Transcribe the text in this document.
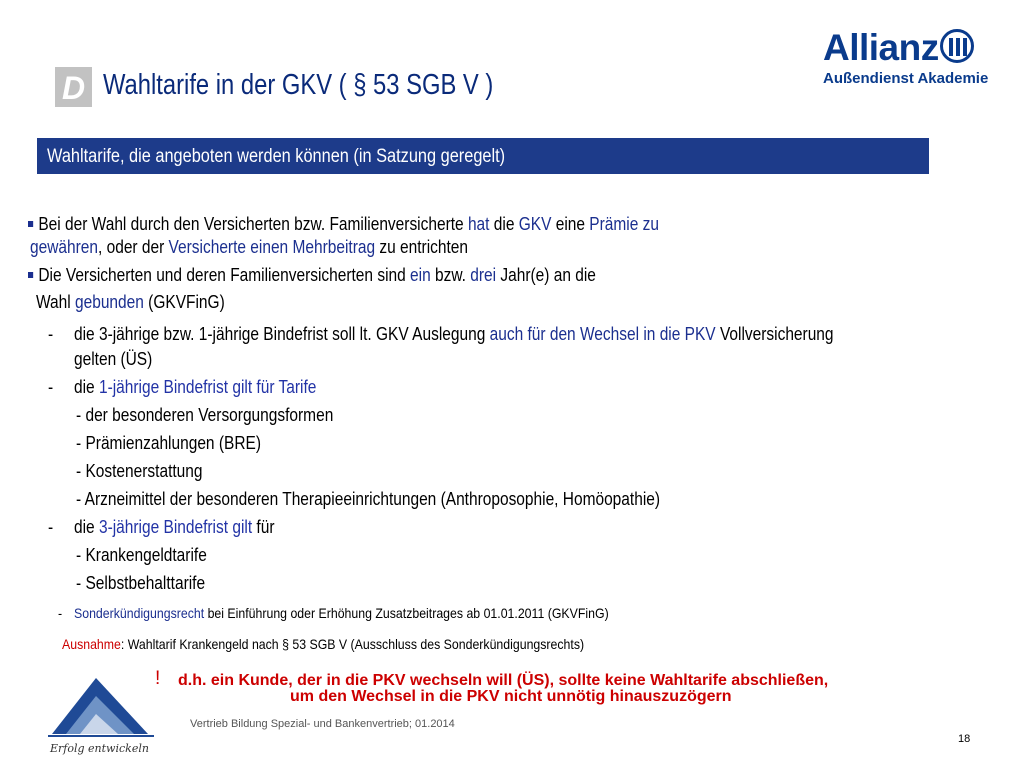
D Wahltarife in der GKV ( § 53 SGB V )
Allianz
Außendienst Akademie
Wahltarife, die angeboten werden können (in Satzung geregelt)
Bei der Wahl durch den Versicherten bzw. Familienversicherte hat die GKV eine Prämie zu
gewähren, oder der Versicherte einen Mehrbeitrag zu entrichten
Die Versicherten und deren Familienversicherten sind ein bzw. drei Jahr(e) an die
Wahl gebunden (GKVFinG)
- die 3-jährige bzw. 1-jährige Bindefrist soll lt. GKV Auslegung auch für den Wechsel in die PKV Vollversicherung
gelten (ÜS)
- die 1-jährige Bindefrist gilt für Tarife
- der besonderen Versorgungsformen
- Prämienzahlungen (BRE)
- Kostenerstattung
- Arzneimittel der besonderen Therapieeinrichtungen (Anthroposophie, Homöopathie)
- die 3-jährige Bindefrist gilt für
- Krankengeldtarife
- Selbstbehalttarife
- Sonderkündigungsrecht bei Einführung oder Erhöhung Zusatzbeitrages ab 01.01.2011 (GKVFinG)
Ausnahme: Wahltarif Krankengeld nach § 53 SGB V (Ausschluss des Sonderkündigungsrechts)
! d.h. ein Kunde, der in die PKV wechseln will (ÜS), sollte keine Wahltarife abschließen,
um den Wechsel in die PKV nicht unnötig hinauszuzögern
Erfolg entwickeln
Vertrieb Bildung Spezial- und Bankenvertrieb; 01.2014
18
